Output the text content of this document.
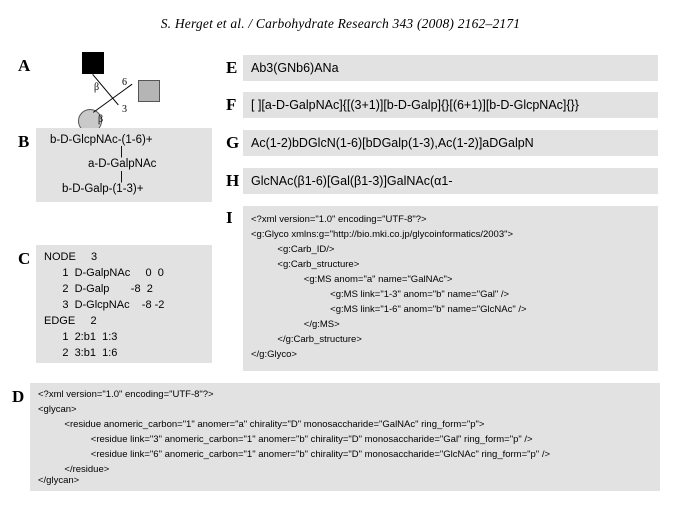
S. Herget et al. / Carbohydrate Research 343 (2008) 2162–2171
A
β 6
β
3
B b-D-GlcpNAc-(1-6)+
|
a-D-GalpNAc
|
b-D-Galp-(1-3)+
C NODE     3
1  D-GalpNAc     0  0
2  D-Galp       -8  2
3  D-GlcpNAc    -8 -2
EDGE     2
1  2:b1  1:3
2  3:b1  1:6
D <?xml version="1.0" encoding="UTF-8"?>
<glycan>
<residue anomeric_carbon="1" anomer="a" chirality="D" monosaccharide="GalNAc" ring_form="p">
<residue link="3" anomeric_carbon="1" anomer="b" chirality="D" monosaccharide="Gal" ring_form="p" />
<residue link="6" anomeric_carbon="1" anomer="b" chirality="D" monosaccharide="GlcNAc" ring_form="p" />
</residue>
</glycan>
E Ab3(GNb6)ANa
F [ ][a-D-GalpNAc]{[(3+1)][b-D-Galp]{}[(6+1)][b-D-GlcpNAc]{}}
G Ac(1-2)bDGlcN(1-6)[bDGalp(1-3),Ac(1-2)]aDGalpN
H GlcNAc(β1-6)[Gal(β1-3)]GalNAc(α1-
I <?xml version="1.0" encoding="UTF-8"?>
<g:Glyco xmlns:g="http://bio.mki.co.jp/glycoinformatics/2003">
<g:Carb_ID/>
<g:Carb_structure>
<g:MS anom="a" name="GalNAc">
<g:MS link="1-3" anom="b" name="Gal" />
<g:MS link="1-6" anom="b" name="GlcNAc" />
</g:MS>
</g:Carb_structure>
</g:Glyco>
